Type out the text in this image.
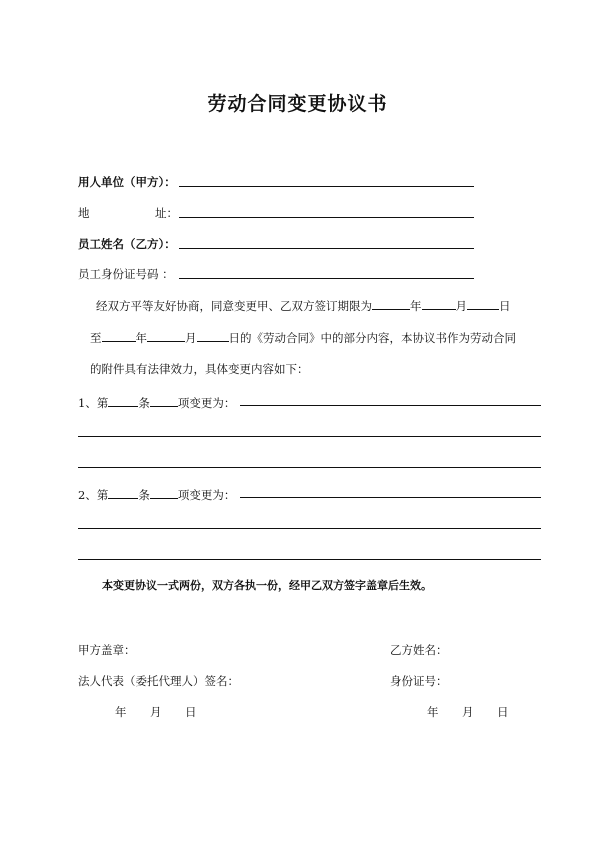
劳动合同变更协议书
用人单位（甲方）：
地	址：
员工姓名（乙方）：
员工身份证号码 ：
经双方平等友好协商，同意变更甲、乙双方签订期限为	年	月	日
至	年	月	日的《劳动合同》中的部分内容，本协议书作为劳动合同
的附件具有法律效力，具体变更内容如下：
1、第	条 项变更为：
2、第	条 项变更为：
本变更协议一式两份，双方各执一份，经甲乙双方签字盖章后生效。
甲方盖章：	乙方姓名：
法人代表（委托代理人）签名：	身份证号：
年 月 日	年 月 日
